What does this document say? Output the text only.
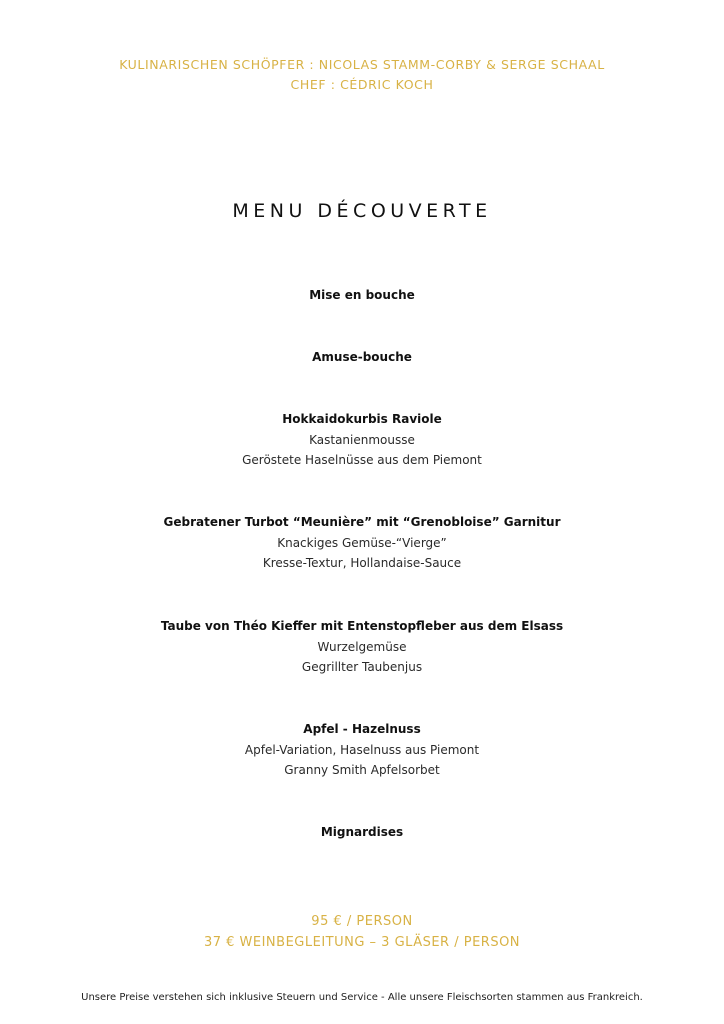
KULINARISCHEN SCHÖPFER : NICOLAS STAMM-CORBY & SERGE SCHAAL
CHEF : CÉDRIC KOCH
MENU DÉCOUVERTE
Mise en bouche
Amuse-bouche
Hokkaidokurbis Raviole
Kastanienmousse
Geröstete Haselnüsse aus dem Piemont
Gebratener Turbot “Meunière” mit “Grenobloise” Garnitur
Knackiges Gemüse-“Vierge”
Kresse-Textur, Hollandaise-Sauce
Taube von Théo Kieffer mit Entenstopfleber aus dem Elsass
Wurzelgemüse
Gegrillter Taubenjus
Apfel - Hazelnuss
Apfel-Variation, Haselnuss aus Piemont
Granny Smith Apfelsorbet
Mignardises
95 € / PERSON
37 € WEINBEGLEITUNG – 3 GLÄSER / PERSON
Unsere Preise verstehen sich inklusive Steuern und Service - Alle unsere Fleischsorten stammen aus Frankreich.
